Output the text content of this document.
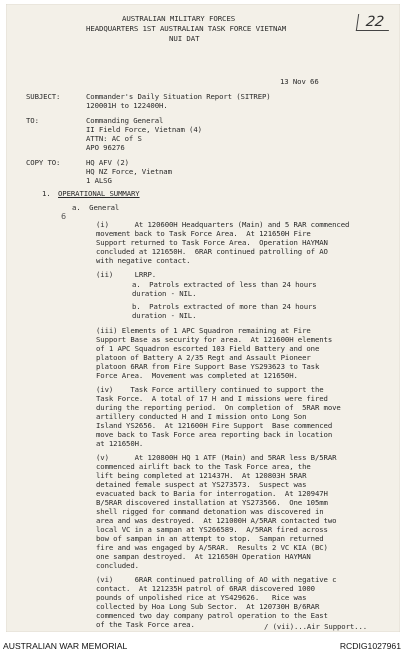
AUSTRALIAN MILITARY FORCES
HEADQUARTERS 1ST AUSTRALIAN TASK FORCE VIETNAM
NUI DAT
22
13 Nov 66
SUBJECT:	Commander's Daily Situation Report (SITREP)
120001H to 122400H.
TO:	Commanding General
II Field Force, Vietnam (4)
ATTN: AC of S
APO 96276
COPY TO:	HQ AFV (2)
HQ NZ Force, Vietnam
1 ALSG
1. OPERATIONAL SUMMARY
a.  General
6
(i)      At 120600H Headquarters (Main) and 5 RAR commenced
movement back to Task Force Area.  At 121650H Fire
Support returned to Task Force Area.  Operation HAYMAN
concluded at 121650H.  6RAR continued patrolling of AO
with negative contact.
(ii)     LRRP.
a.  Patrols extracted of less than 24 hours
duration - NIL.
b.  Patrols extracted of more than 24 hours
duration - NIL.
(iii) Elements of 1 APC Squadron remaining at Fire
Support Base as security for area.  At 121600H elements
of 1 APC Squadron escorted 103 Field Battery and one
platoon of Battery A 2/35 Regt and Assault Pioneer
platoon 6RAR from Fire Support Base YS293623 to Task
Force Area.  Movement was completed at 121650H.
(iv)    Task Force artillery continued to support the
Task Force.  A total of 17 H and I missions were fired
during the reporting period.  On completion of  5RAR move
artillery conducted H and I mission onto Long Son
Island YS2656.  At 121600H Fire Support  Base commenced
move back to Task Force area reporting back in location
at 121650H.
(v)      At 120800H HQ 1 ATF (Main) and 5RAR less B/5RAR
commenced airlift back to the Task Force area, the
lift being completed at 121437H.  At 120803H 5RAR
detained female suspect at YS273573.  Suspect was
evacuated back to Baria for interrogation.  At 120947H
B/5RAR discovered installation at YS273566.  One 105mm
shell rigged for command detonation was discovered in
area and was destroyed.  At 121000H A/5RAR contacted two
local VC in a sampan at YS266589.  A/5RAR fired across
bow of sampan in an attempt to stop.  Sampan returned
fire and was engaged by A/5RAR.  Results 2 VC KIA (BC)
one sampan destroyed.  At 121650H Operation HAYMAN
concluded.
(vi)     6RAR continued patrolling of AO with negative c
contact.  At 121235H patrol of 6RAR discovered 1000
pounds of unpolished rice at YS429626.   Rice was
collected by Hoa Long Sub Sector.  At 120730H B/6RAR
commenced two day company patrol operation to the East
of the Task Force area.	/ (vii)...Air Support...
AUSTRALIAN WAR MEMORIAL	RCDIG1027961
